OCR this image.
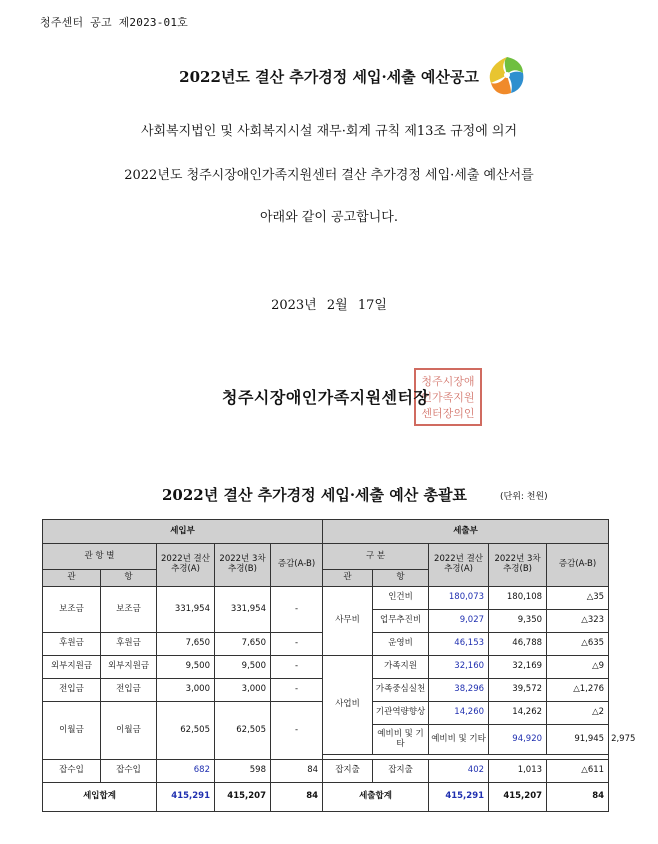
청주센터 공고 제2023-01호
2022년도 결산 추가경정 세입·세출 예산공고
사회복지법인 및 사회복지시설 재무·회계 규칙 제13조 규정에 의거
2022년도 청주시장애인가족지원센터 결산 추가경정 세입·세출 예산서를
아래와 같이 공고합니다.
2023년 2월 17일
청주시장애
인가족지원
센터장의인
청주시장애인가족지원센터장
2022년 결산 추가경정 세입·세출 예산 총괄표	(단위: 천원)
세입부					세출부					
관 항 별		2022년 결산추경(A)	2022년 3차추경(B)	증감(A-B)	구 분		2022년 결산추경(A)	2022년 3차추경(B)	증감(A-B)	
관	항				관	항				
보조금	보조금	331,954	331,954	-	사무비	인건비	180,073	180,108	△35	
						업무추진비	9,027	9,350	△323	
후원금	후원금	7,650	7,650	-		운영비	46,153	46,788	△635	
외부지원금	외부지원금	9,500	9,500	-	사업비	가족지원	32,160	32,169	△9	
전입금	전입금	3,000	3,000	-		가족중심실천	38,296	39,572	△1,276	
이월금	이월금	62,505	62,505	-		기관역량향상	14,260	14,262	△2	
						예비비 및 기타	예비비 및 기타	94,920	91,945	2,975

잡수입	잡수입	682	598	84	잡지출	잡지출	402	1,013	△611	
세입합계		415,291	415,207	84	세출합계		415,291	415,207	84	
